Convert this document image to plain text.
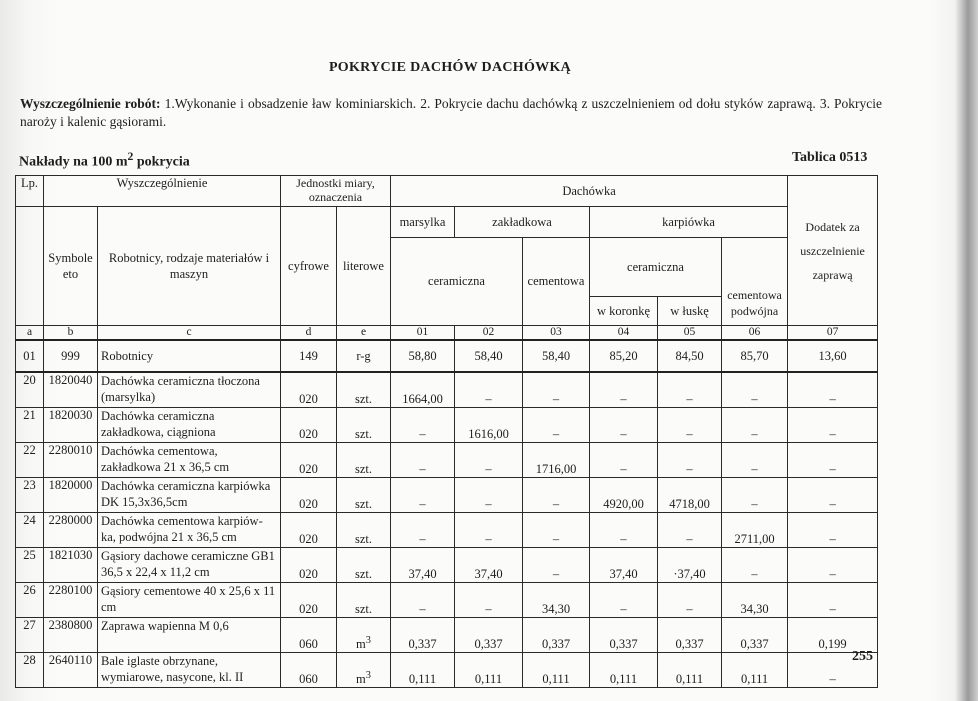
POKRYCIE DACHÓW DACHÓWKĄ
Wyszczególnienie robót: 1.Wykonanie i obsadzenie ław kominiarskich. 2. Pokrycie dachu dachówką z uszczelnieniem od dołu styków zaprawą. 3. Pokrycie naroży i kalenic gąsiorami.
Nakłady na 100 $m^2$ pokrycia	Tablica 0513
Lp.	Wyszczególnienie		Jednostki miary, oznaczenia		Dachówka						Dodatek za uszczelnienie zaprawą
	Symbole eto	Robotnicy, rodzaje materiałów i maszyn	cyfrowe	literowe	marsylka	zakładkowa		karpiówka			
					ceramiczna		cementowa	ceramiczna		cementowa podwójna	
								w koronkę	w łuskę		
a	b	c	d	e	01	02	03	04	05	06	07
01	999	Robotnicy	149	r-g	58,80	58,40	58,40	85,20	84,50	85,70	13,60
20	1820040	Dachówka ceramiczna tłoczona (marsylka)	020	szt.	1664,00	–	–	–	–	–	–
21	1820030	Dachówka ceramiczna zakładkowa, ciągniona	020	szt.	–	1616,00	–	–	–	–	–
22	2280010	Dachówka cementowa, zakładkowa 21 x 36,5 cm	020	szt.	–	–	1716,00	–	–	–	–
23	1820000	Dachówka ceramiczna karpiówka DK 15,3x36,5cm	020	szt.	–	–	–	4920,00	4718,00	–	–
24	2280000	Dachówka cementowa karpiów-ka, podwójna 21 x 36,5 cm	020	szt.	–	–	–	–	–	2711,00	–
25	1821030	Gąsiory dachowe ceramiczne GB1 36,5 x 22,4 x 11,2 cm	020	szt.	37,40	37,40	–	37,40	·37,40	–	–
26	2280100	Gąsiory cementowe 40 x 25,6 x 11 cm	020	szt.	–	–	34,30	–	–	34,30	–
27	2380800	Zaprawa wapienna M 0,6	060	$m^3$	0,337	0,337	0,337	0,337	0,337	0,337	0,199
28	2640110	Bale iglaste obrzynane, wymiarowe, nasycone, kl. II	060	$m^3$	0,111	0,111	0,111	0,111	0,111	0,111	–
255
